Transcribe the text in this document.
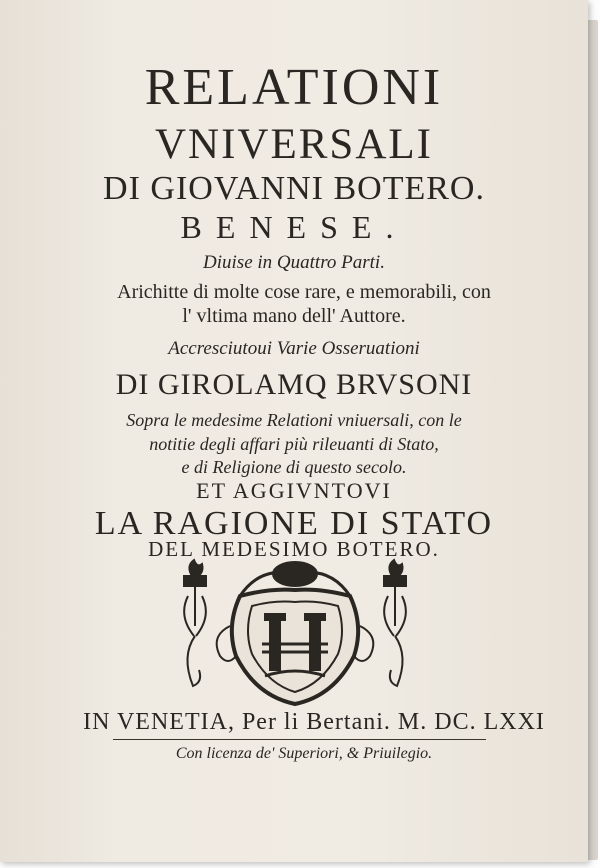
RELATIONI
VNIVERSALI
DI GIOVANNI BOTERO.
BENESE.
Diuise in Quattro Parti.
Arichitte di molte cose rare, e memorabili, con
l' vltima mano dell' Auttore.
Accresciutoui Varie Osseruationi
DI GIROLAMQ BRVSONI
Sopra le medesime Relationi vniuersali, con le
notitie degli affari più rileuanti di Stato,
e di Religione di questo secolo.
ET AGGIVNTOVI
LA RAGIONE DI STATO
DEL MEDESIMO BOTERO.
IN VENETIA, Per li Bertani. M. DC. LXXI
Con licenza de' Superiori, & Priuilegio.
